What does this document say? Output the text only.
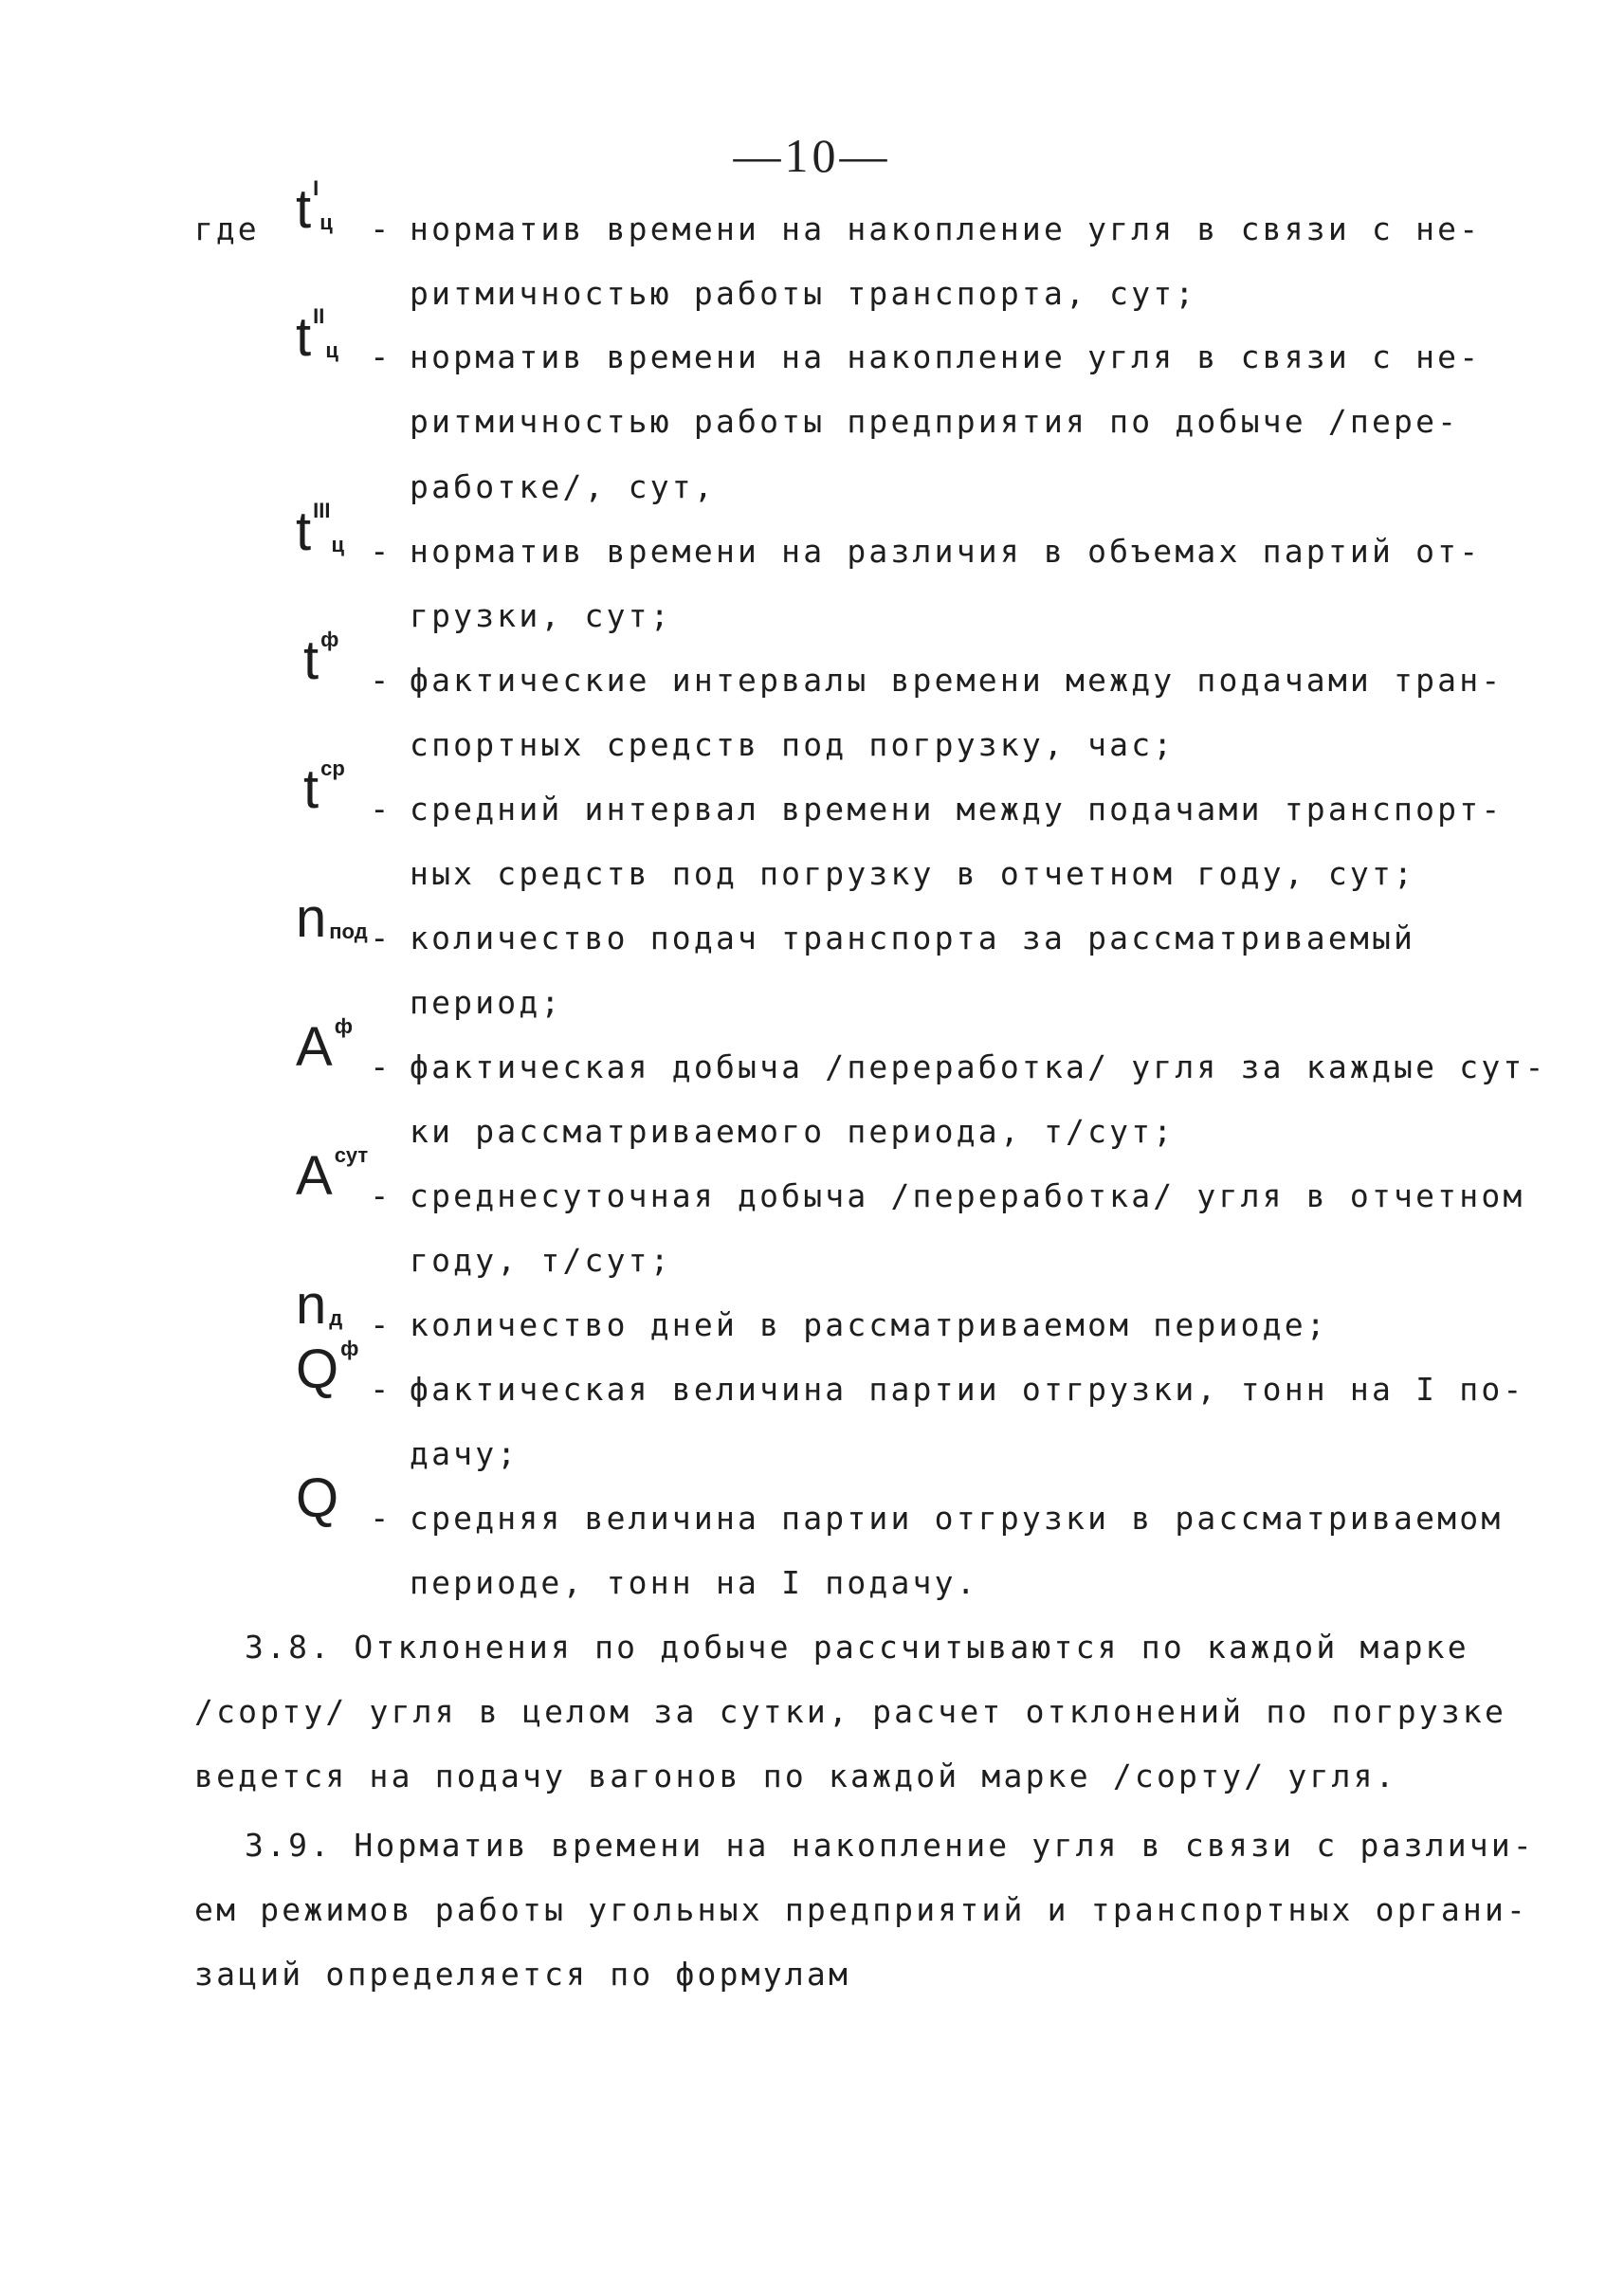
—10—
где $t^I_ц$ - норматив времени на накопление угля в связи с не-
ритмичностью работы транспорта, сут;
$t^{II}_ц$ - норматив времени на накопление угля в связи с не-
ритмичностью работы предприятия по добыче /пере-
работке/, сут,
$t^{III}_ц$ - норматив времени на различия в объемах партий от-
грузки, сут;
$t^ф$
- фактические интервалы времени между подачами тран-
спортных средств под погрузку, час;
$t^{ср}$
- средний интервал времени между подачами транспорт-
ных средств под погрузку в отчетном году, сут;
n $_{под}$ - количество подач транспорта за рассматриваемый
период;
$A^ф$
- фактическая добыча /переработка/ угля за каждые сут-
ки рассматриваемого периода, т/сут;
$A^{сут}$
- среднесуточная добыча /переработка/ угля в отчетном
году, т/сут;
n $_д$ - количество дней в рассматриваемом периоде;
$Q^ф$
- фактическая величина партии отгрузки, тонн на I по-
дачу;
Q - средняя величина партии отгрузки в рассматриваемом
периоде, тонн на I подачу.
3.8. Отклонения по добыче рассчитываются по каждой марке
/сорту/ угля в целом за сутки, расчет отклонений по погрузке
ведется на подачу вагонов по каждой марке /сорту/ угля.
3.9. Норматив времени на накопление угля в связи с различи-
ем режимов работы угольных предприятий и транспортных органи-
заций определяется по формулам
